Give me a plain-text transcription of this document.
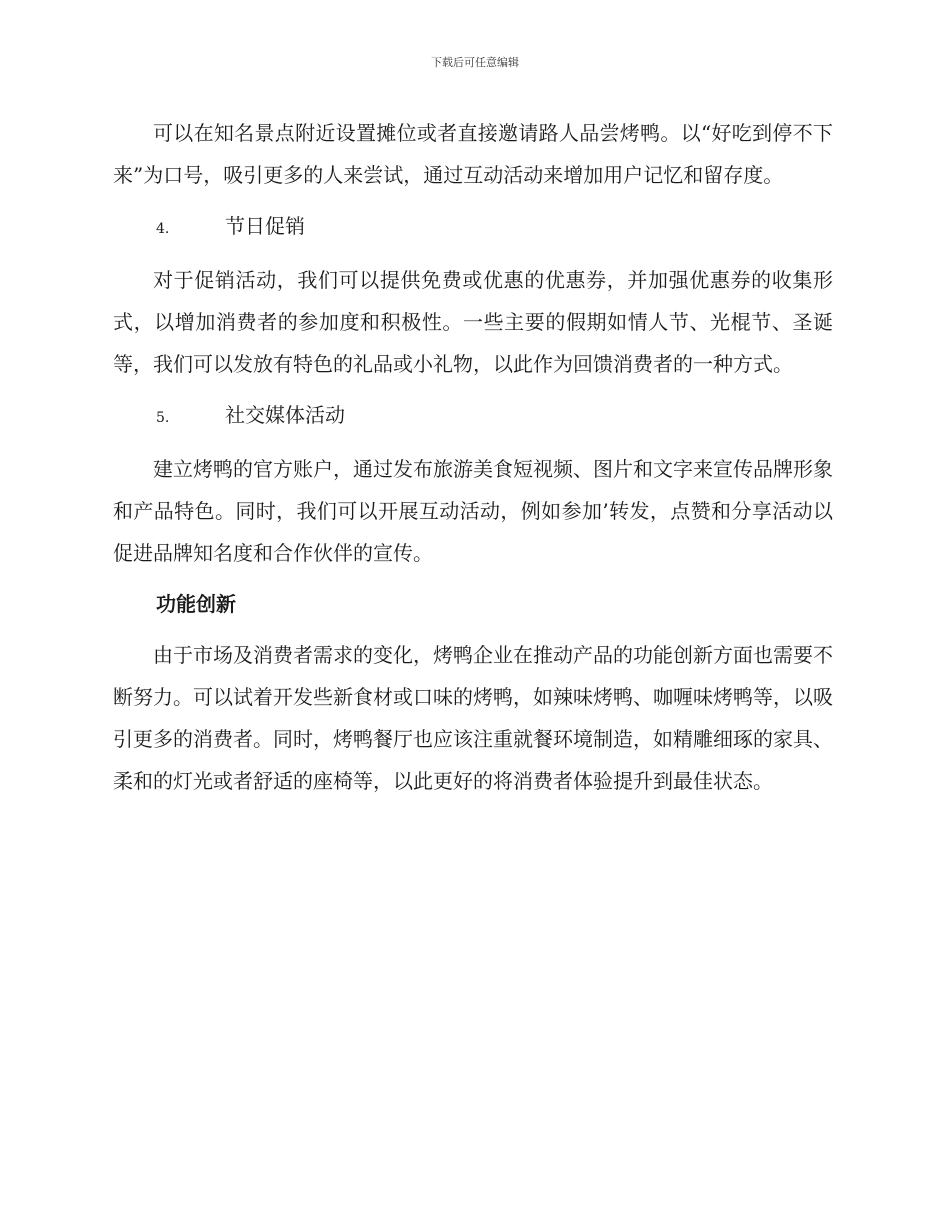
下载后可任意编辑

可以在知名景点附近设置摊位或者直接邀请路人品尝烤鸭。以“好吃到停不下来”为口号，吸引更多的人来尝试，通过互动活动来增加用户记忆和留存度。

4.	节日促销

对于促销活动，我们可以提供免费或优惠的优惠券，并加强优惠券的收集形式，以增加消费者的参加度和积极性。一些主要的假期如情人节、光棍节、圣诞等，我们可以发放有特色的礼品或小礼物，以此作为回馈消费者的一种方式。

5.	社交媒体活动

建立烤鸭的官方账户，通过发布旅游美食短视频、图片和文字来宣传品牌形象和产品特色。同时，我们可以开展互动活动，例如参加’转发，点赞和分享活动以促进品牌知名度和合作伙伴的宣传。

功能创新

由于市场及消费者需求的变化，烤鸭企业在推动产品的功能创新方面也需要不断努力。可以试着开发些新食材或口味的烤鸭，如辣味烤鸭、咖喱味烤鸭等，以吸引更多的消费者。同时，烤鸭餐厅也应该注重就餐环境制造，如精雕细琢的家具、柔和的灯光或者舒适的座椅等，以此更好的将消费者体验提升到最佳状态。
